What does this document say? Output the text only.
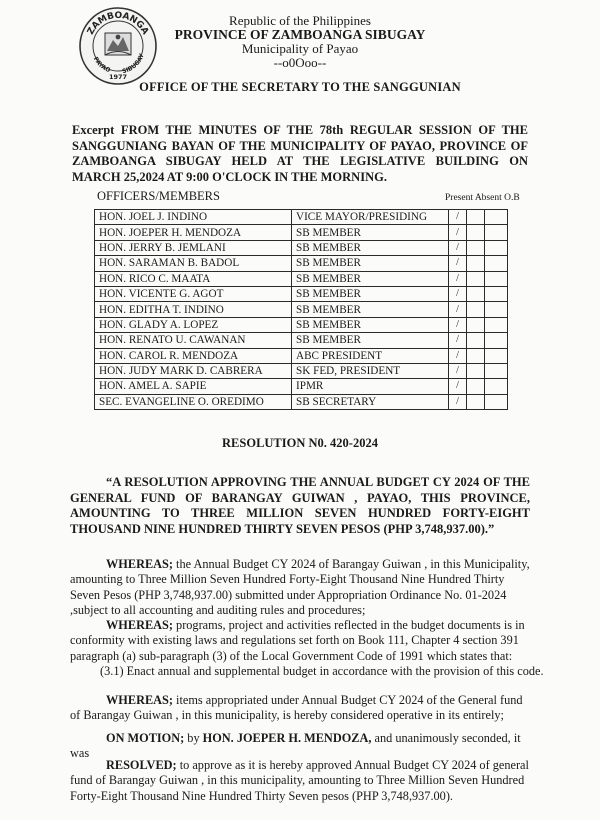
ZAMBOANGA
PAYAO SIBUGAY
1977
Republic of the Philippines
PROVINCE OF ZAMBOANGA SIBUGAY
Municipality of Payao
--o0Ooo--
OFFICE OF THE SECRETARY TO THE SANGGUNIAN
Excerpt FROM THE MINUTES OF THE 78th REGULAR SESSION OF THE SANGGUNIANG BAYAN OF THE MUNICIPALITY OF PAYAO, PROVINCE OF ZAMBOANGA SIBUGAY HELD AT THE LEGISLATIVE BUILDING ON MARCH 25,2024 AT 9:00 O'CLOCK IN THE MORNING.
OFFICERS/MEMBERS	Present Absent O.B
HON. JOEL J. INDINO	VICE MAYOR/PRESIDING	/		
HON. JOEPER H. MENDOZA	SB MEMBER	/		
HON. JERRY B. JEMLANI	SB MEMBER	/		
HON. SARAMAN B. BADOL	SB MEMBER	/		
HON. RICO C. MAATA	SB MEMBER	/		
HON. VICENTE G. AGOT	SB MEMBER	/		
HON. EDITHA T. INDINO	SB MEMBER	/		
HON. GLADY A. LOPEZ	SB MEMBER	/		
HON. RENATO U. CAWANAN	SB MEMBER	/		
HON. CAROL R. MENDOZA	ABC PRESIDENT	/		
HON. JUDY MARK D. CABRERA	SK FED, PRESIDENT	/		
HON. AMEL A. SAPIE	IPMR	/		
SEC. EVANGELINE O. OREDIMO	SB SECRETARY	/		
RESOLUTION N0. 420-2024
“A RESOLUTION APPROVING THE ANNUAL BUDGET CY 2024 OF THE GENERAL FUND OF BARANGAY GUIWAN , PAYAO, THIS PROVINCE, AMOUNTING TO THREE MILLION SEVEN HUNDRED FORTY-EIGHT THOUSAND NINE HUNDRED THIRTY SEVEN PESOS (PHP 3,748,937.00).”
WHEREAS; the Annual Budget CY 2024 of Barangay Guiwan , in this Municipality, amounting to Three Million Seven Hundred Forty-Eight Thousand Nine Hundred Thirty Seven Pesos (PHP 3,748,937.00) submitted under Appropriation Ordinance No. 01-2024 ,subject to all accounting and auditing rules and procedures;
WHEREAS; programs, project and activities reflected in the budget documents is in conformity with existing laws and regulations set forth on Book 111, Chapter 4 section 391 paragraph (a) sub-paragraph (3) of the Local Government Code of 1991 which states that:
(3.1) Enact annual and supplemental budget in accordance with the provision of this code.
WHEREAS; items appropriated under Annual Budget CY 2024 of the General fund of Barangay Guiwan , in this municipality, is hereby considered operative in its entirely;
ON MOTION; by HON. JOEPER H. MENDOZA, and unanimously seconded, it was
RESOLVED; to approve as it is hereby approved Annual Budget CY 2024 of general fund of Barangay Guiwan , in this municipality, amounting to Three Million Seven Hundred Forty-Eight Thousand Nine Hundred Thirty Seven pesos (PHP 3,748,937.00).
